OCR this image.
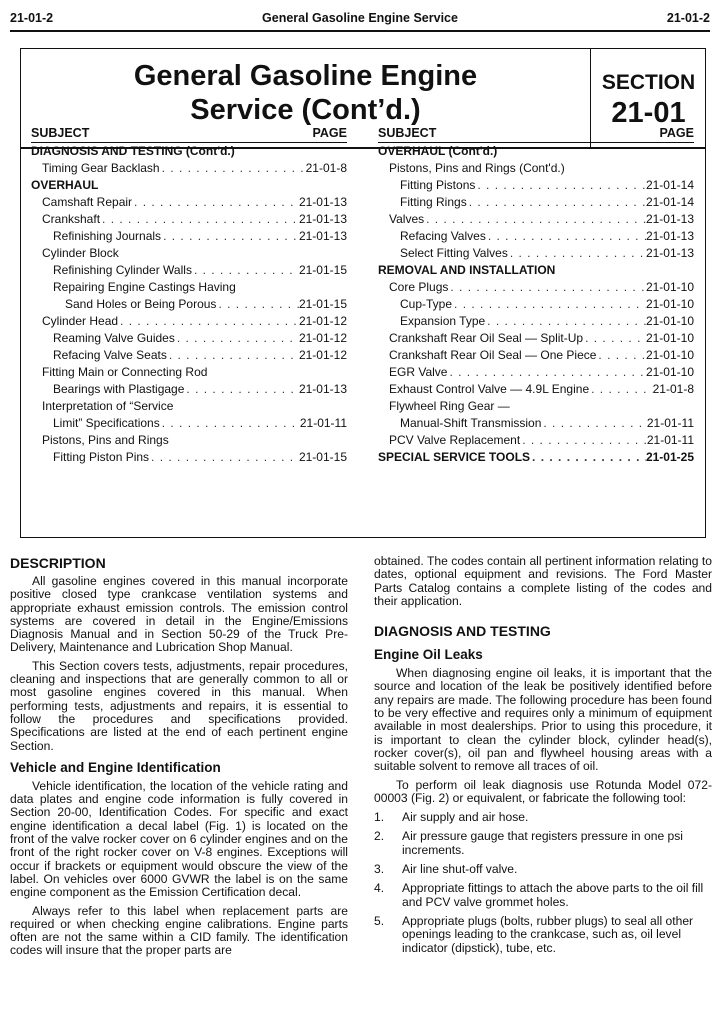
21-01-2	General Gasoline Engine Service	21-01-2
General Gasoline Engine
Service (Cont’d.)
SECTION
21-01
SUBJECT	PAGE
DIAGNOSIS AND TESTING (Cont'd.)
Timing Gear Backlash . . .	21-01-8
OVERHAUL
Camshaft Repair . . .	21-01-13
Crankshaft . . .	21-01-13
Refinishing Journals . . .	21-01-13
Cylinder Block
Refinishing Cylinder Walls . . .	21-01-15
Repairing Engine Castings Having
Sand Holes or Being Porous . . .	21-01-15
Cylinder Head . . .	21-01-12
Reaming Valve Guides . . .	21-01-12
Refacing Valve Seats . . .	21-01-12
Fitting Main or Connecting Rod
Bearings with Plastigage . . .	21-01-13
Interpretation of “Service
Limit” Specifications . . .	21-01-11
Pistons, Pins and Rings
Fitting Piston Pins . . .	21-01-15
SUBJECT	PAGE
OVERHAUL (Cont'd.)
Pistons, Pins and Rings (Cont'd.)
Fitting Pistons . . .	21-01-14
Fitting Rings . . .	21-01-14
Valves . . .	21-01-13
Refacing Valves . . .	21-01-13
Select Fitting Valves . . .	21-01-13
REMOVAL AND INSTALLATION
Core Plugs . . .	21-01-10
Cup-Type . . .	21-01-10
Expansion Type . . .	21-01-10
Crankshaft Rear Oil Seal — Split-Up . . .	21-01-10
Crankshaft Rear Oil Seal — One Piece . . .	21-01-10
EGR Valve . . .	21-01-10
Exhaust Control Valve — 4.9L Engine . . .	21-01-8
Flywheel Ring Gear —
Manual-Shift Transmission . . .	21-01-11
PCV Valve Replacement . . .	21-01-11
SPECIAL SERVICE TOOLS . . .	21-01-25
DESCRIPTION

All gasoline engines covered in this manual incorporate positive closed type crankcase ventilation systems and appropriate exhaust emission controls. The emission control systems are covered in detail in the Engine/Emissions Diagnosis Manual and in Section 50-29 of the Truck Pre-Delivery, Maintenance and Lubrication Shop Manual.

This Section covers tests, adjustments, repair procedures, cleaning and inspections that are generally common to all or most gasoline engines covered in this manual. When performing tests, adjustments and repairs, it is essential to follow the procedures and specifications provided. Specifications are listed at the end of each pertinent engine Section.

Vehicle and Engine Identification

Vehicle identification, the location of the vehicle rating and data plates and engine code information is fully covered in Section 20-00, Identification Codes. For specific and exact engine identification a decal label (Fig. 1) is located on the front of the valve rocker cover on 6 cylinder engines and on the front of the right rocker cover on V-8 engines. Exceptions will occur if brackets or equipment would obscure the view of the label. On vehicles over 6000 GVWR the label is on the same engine component as the Emission Certification decal.

Always refer to this label when replacement parts are required or when checking engine calibrations. Engine parts often are not the same within a CID family. The identification codes will insure that the proper parts are

obtained. The codes contain all pertinent information relating to dates, optional equipment and revisions. The Ford Master Parts Catalog contains a complete listing of the codes and their application.

DIAGNOSIS AND TESTING
Engine Oil Leaks

When diagnosing engine oil leaks, it is important that the source and location of the leak be positively identified before any repairs are made. The following procedure has been found to be very effective and requires only a minimum of equipment available in most dealerships. Prior to using this procedure, it is important to clean the cylinder block, cylinder head(s), rocker cover(s), oil pan and flywheel housing areas with a suitable solvent to remove all traces of oil.

To perform oil leak diagnosis use Rotunda Model 072-00003 (Fig. 2) or equivalent, or fabricate the following tool:

1.	Air supply and air hose.
2.	Air pressure gauge that registers pressure in one psi increments.
3.	Air line shut-off valve.
4.	Appropriate fittings to attach the above parts to the oil fill and PCV valve grommet holes.
5.	Appropriate plugs (bolts, rubber plugs) to seal all other openings leading to the crankcase, such as, oil level indicator (dipstick), tube, etc.
